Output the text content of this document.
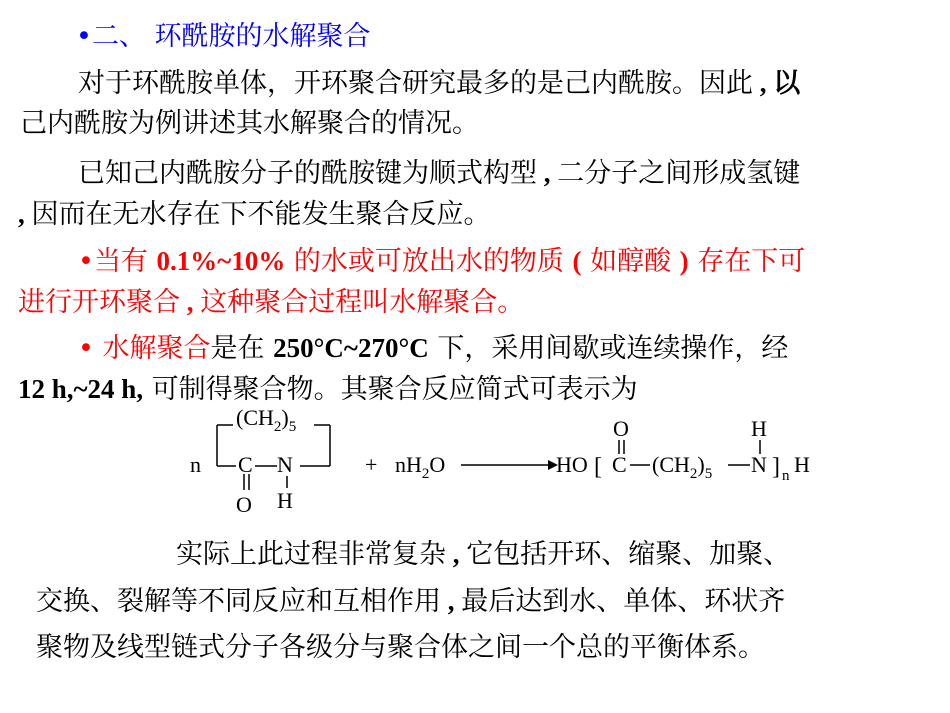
•二、 环酰胺的水解聚合
对于环酰胺单体，开环聚合研究最多的是己内酰胺。因此 , 以
己内酰胺为例讲述其水解聚合的情况。
已知己内酰胺分子的酰胺键为顺式构型 , 二分子之间形成氢键
, 因而在无水存在下不能发生聚合反应。
•当有 0.1%~10% 的水或可放出水的物质 ( 如醇酸 ) 存在下可
进行开环聚合 , 这种聚合过程叫水解聚合。
• 水解聚合是在 250°C~270°C 下，采用间歇或连续操作，经
12 h,~24 h, 可制得聚合物。其聚合反应简式可表示为
$(CH_2)_5$
n C N
O H
+ $nH_2O$	HO [ C
O
$(CH_2)_5$ N
H
] n H
实际上此过程非常复杂 , 它包括开环、缩聚、加聚、
交换、裂解等不同反应和互相作用 , 最后达到水、单体、环状齐
聚物及线型链式分子各级分与聚合体之间一个总的平衡体系。
